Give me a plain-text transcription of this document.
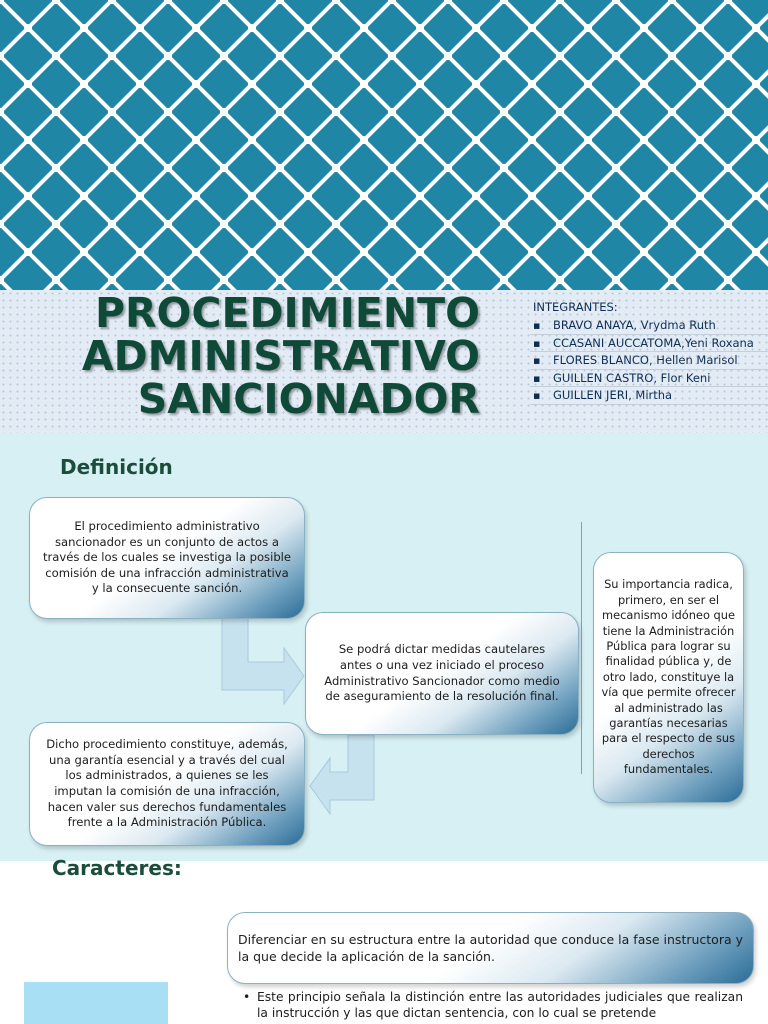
PROCEDIMIENTO
ADMINISTRATIVO
SANCIONADOR
INTEGRANTES:
▪ BRAVO ANAYA, Vrydma Ruth
▪ CCASANI AUCCATOMA,Yeni Roxana
▪ FLORES BLANCO, Hellen Marisol
▪ GUILLEN CASTRO, Flor Keni
▪ GUILLEN JERI, Mirtha
Definición
El procedimiento administrativo sancionador es un conjunto de actos a través de los cuales se investiga la posible comisión de una infracción administrativa y la consecuente sanción.
Se podrá dictar medidas cautelares antes o una vez iniciado el proceso Administrativo Sancionador como medio de aseguramiento de la resolución final.
Dicho procedimiento constituye, además, una garantía esencial y a través del cual los administrados, a quienes se les imputan la comisión de una infracción, hacen valer sus derechos fundamentales frente a la Administración Pública.
Su importancia radica, primero, en ser el mecanismo idóneo que tiene la Administración Pública para lograr su finalidad pública y, de otro lado, constituye la vía que permite ofrecer al administrado las garantías necesarias para el respecto de sus derechos fundamentales.
Caracteres:
Diferenciar en su estructura entre la autoridad que conduce la fase instructora y la que decide la aplicación de la sanción.
• Este principio señala la distinción entre las autoridades judiciales que realizan la instrucción y las que dictan sentencia, con lo cual se pretende
